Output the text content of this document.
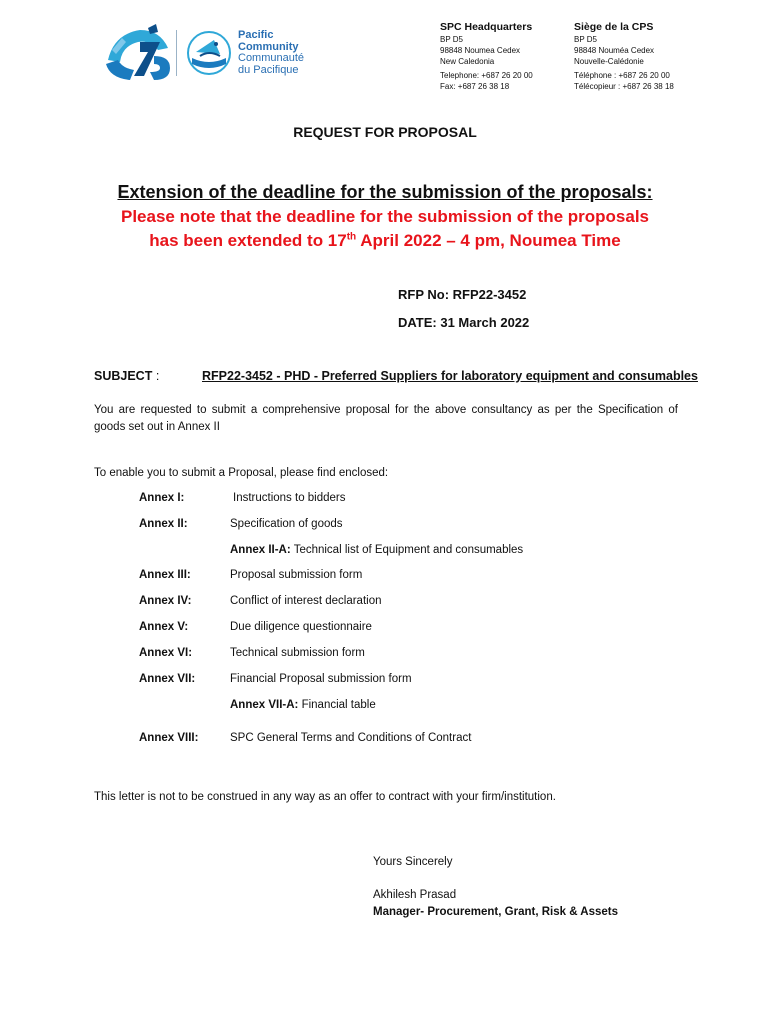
Pacific
Community
Communauté
du Pacifique
SPC Headquarters
BP D5
98848 Noumea Cedex
New Caledonia
Telephone: +687 26 20 00
Fax: +687 26 38 18
Siège de la CPS
BP D5
98848 Nouméa Cedex
Nouvelle-Calédonie
Téléphone : +687 26 20 00
Télécopieur : +687 26 38 18
REQUEST FOR PROPOSAL
Extension of the deadline for the submission of the proposals:
Please note that the deadline for the submission of the proposals
has been extended to 17th April 2022 – 4 pm, Noumea Time
RFP No: RFP22-3452
DATE: 31 March 2022
SUBJECT :	RFP22-3452 - PHD - Preferred Suppliers for laboratory equipment and consumables
You are requested to submit a comprehensive proposal for the above consultancy as per the Specification of goods set out in Annex II
To enable you to submit a Proposal, please find enclosed:
Annex I:	Instructions to bidders
Annex II:	Specification of goods
Annex II-A: Technical list of Equipment and consumables
Annex III:	Proposal submission form
Annex IV:	Conflict of interest declaration
Annex V:	Due diligence questionnaire
Annex VI:	Technical submission form
Annex VII:	Financial Proposal submission form
Annex VII-A: Financial table
Annex VIII:	SPC General Terms and Conditions of Contract
This letter is not to be construed in any way as an offer to contract with your firm/institution.
Yours Sincerely
Akhilesh Prasad
Manager- Procurement, Grant, Risk & Assets
